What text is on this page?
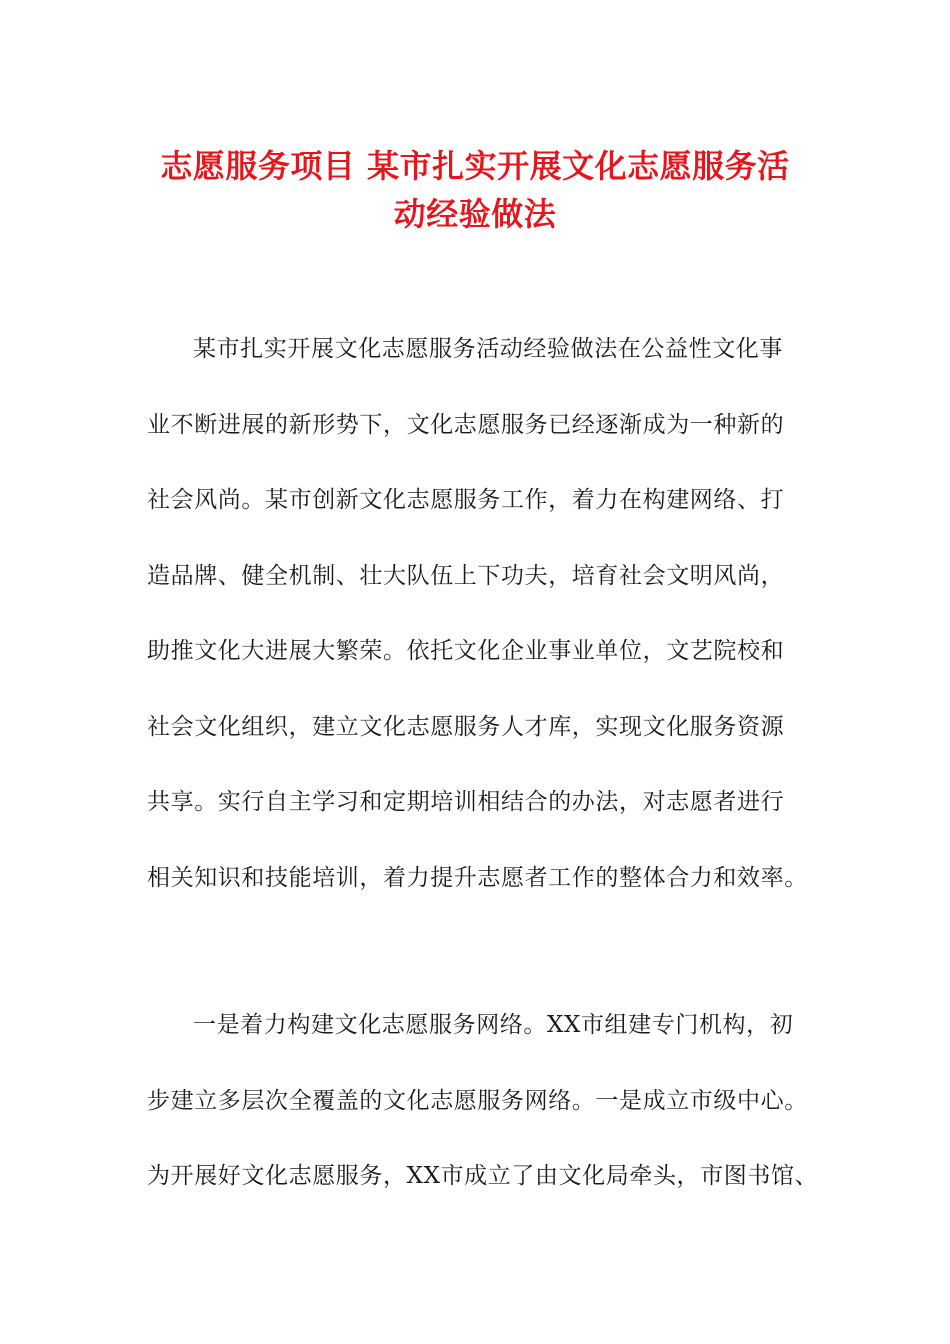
志愿服务项目 某市扎实开展文化志愿服务活
动经验做法
某市扎实开展文化志愿服务活动经验做法在公益性文化事
业不断进展的新形势下，文化志愿服务已经逐渐成为一种新的
社会风尚。某市创新文化志愿服务工作，着力在构建网络、打
造品牌、健全机制、壮大队伍上下功夫，培育社会文明风尚，
助推文化大进展大繁荣。依托文化企业事业单位，文艺院校和
社会文化组织，建立文化志愿服务人才库，实现文化服务资源
共享。实行自主学习和定期培训相结合的办法，对志愿者进行
相关知识和技能培训，着力提升志愿者工作的整体合力和效率。
一是着力构建文化志愿服务网络。XX市组建专门机构，初
步建立多层次全覆盖的文化志愿服务网络。一是成立市级中心。
为开展好文化志愿服务，XX市成立了由文化局牵头，市图书馆、
